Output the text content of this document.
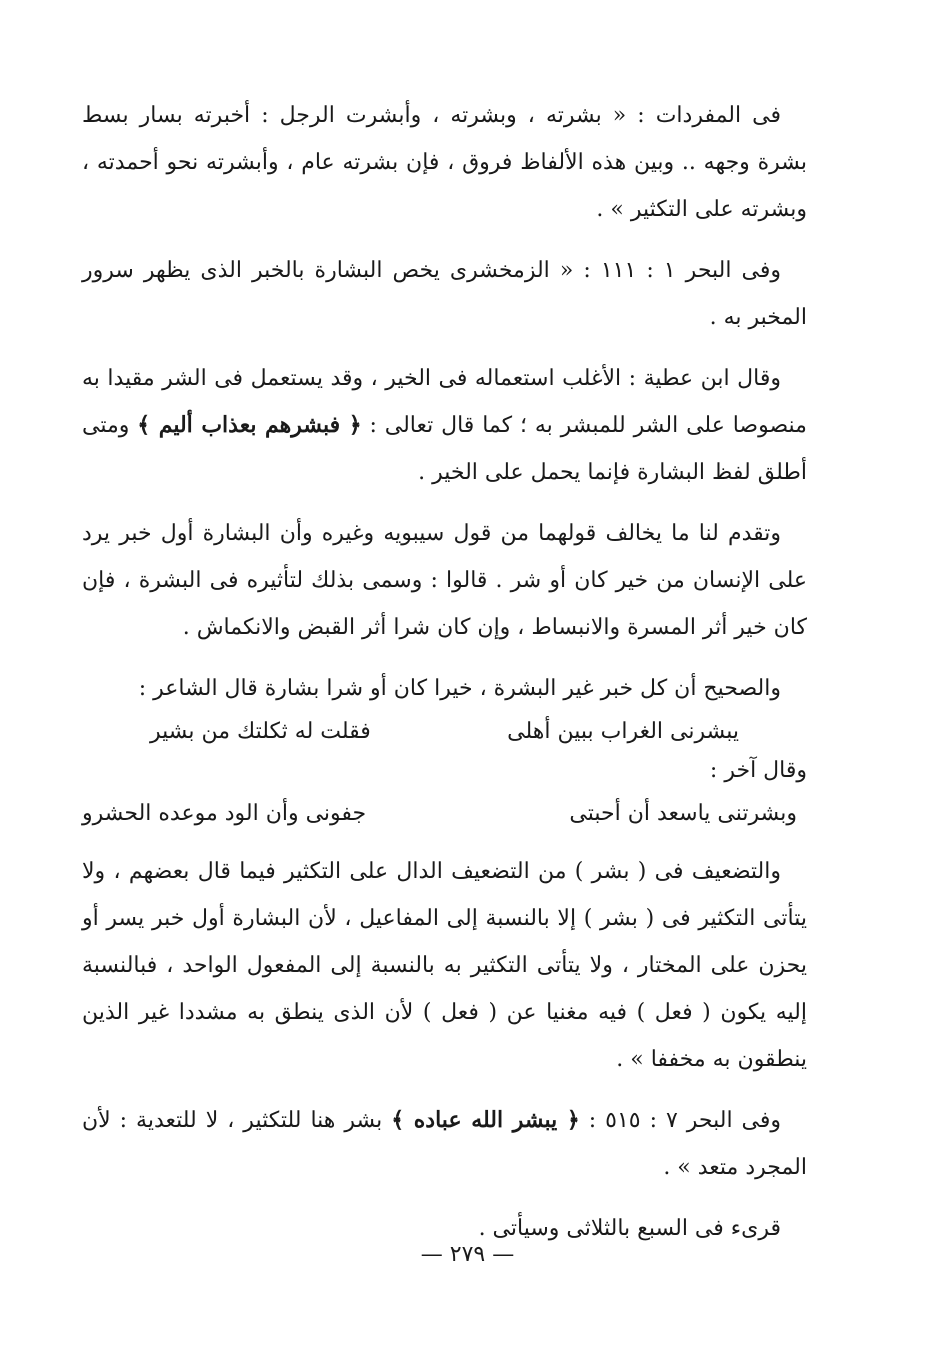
فى المفردات : « بشرته ، وبشرته ، وأبشرت الرجل : أخبرته بسار بسط بشرة وجهه .. وبين هذه الألفاظ فروق ، فإن بشرته عام ، وأبشرته نحو أحمدته ، وبشرته على التكثير » .

وفى البحر ١ : ١١١ : « الزمخشرى يخص البشارة بالخبر الذى يظهر سرور المخبر به .

وقال ابن عطية : الأغلب استعماله فى الخير ، وقد يستعمل فى الشر مقيدا به منصوصا على الشر للمبشر به ؛ كما قال تعالى : ﴿ فبشرهم بعذاب أليم ﴾ ومتى أطلق لفظ البشارة فإنما يحمل على الخير .

وتقدم لنا ما يخالف قولهما من قول سيبويه وغيره وأن البشارة أول خبر يرد على الإنسان من خير كان أو شر . قالوا : وسمى بذلك لتأثيره فى البشرة ، فإن كان خير أثر المسرة والانبساط ، وإن كان شرا أثر القبض والانكماش .

والصحيح أن كل خبر غير البشرة ، خيرا كان أو شرا بشارة قال الشاعر :

يبشرنى الغراب ببين أهلى
فقلت له ثكلتك من بشير
وقال آخر :
وبشرتنى ياسعد أن أحبتى
جفونى وأن الود موعده الحشرو

والتضعيف فى ( بشر ) من التضعيف الدال على التكثير فيما قال بعضهم ، ولا يتأتى التكثير فى ( بشر ) إلا بالنسبة إلى المفاعيل ، لأن البشارة أول خبر يسر أو يحزن على المختار ، ولا يتأتى التكثير به بالنسبة إلى المفعول الواحد ، فبالنسبة إليه يكون ( فعل ) فيه مغنيا عن ( فعل ) لأن الذى ينطق به مشددا غير الذين ينطقون به مخففا » .

وفى البحر ٧ : ٥١٥ : ﴿ يبشر الله عباده ﴾ بشر هنا للتكثير ، لا للتعدية : لأن المجرد متعد » .

قرىء فى السبع بالثلاثى وسيأتى .

— ٢٧٩ —
